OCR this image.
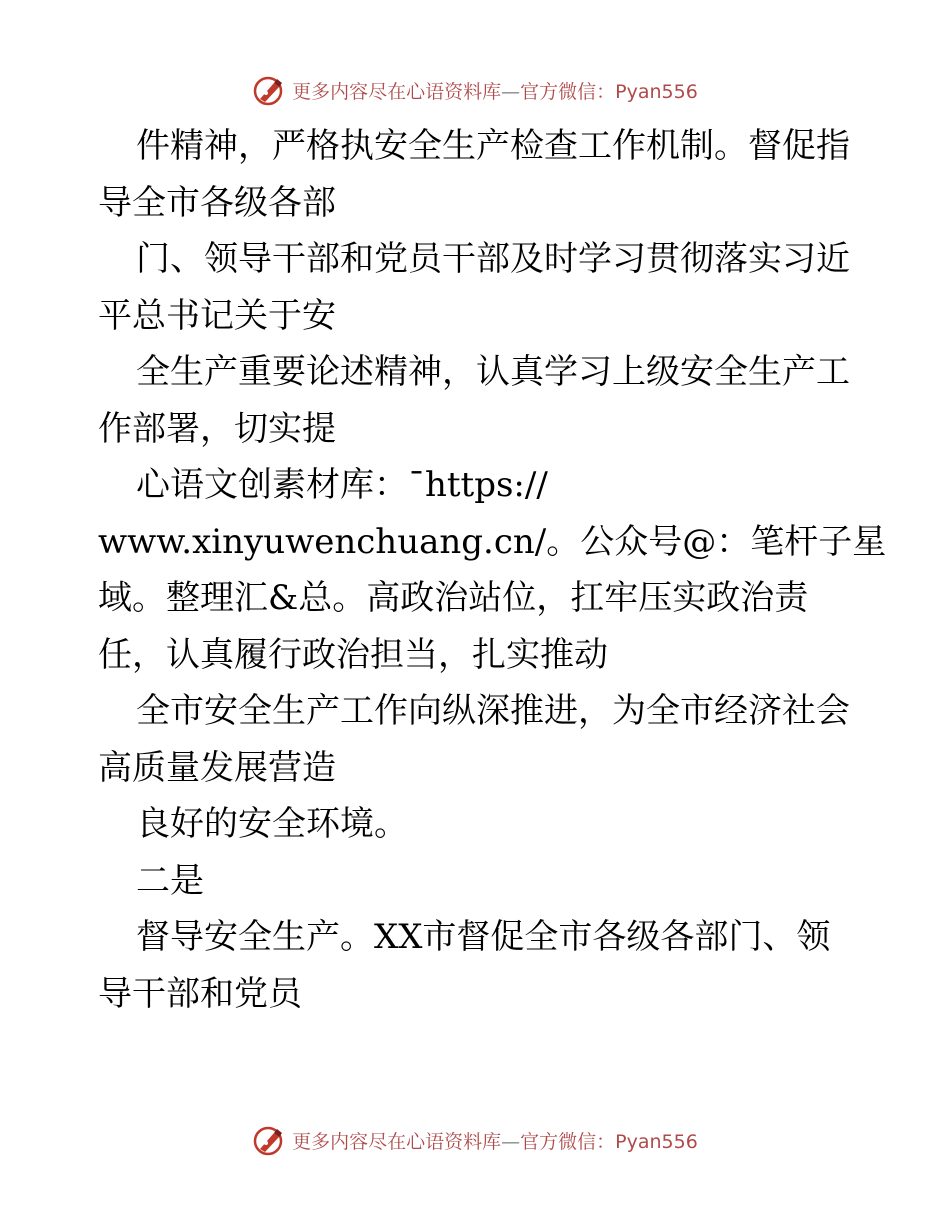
更多内容尽在心语资料库—官方微信：Pyan556
件精神，严格执安全生产检查工作机制。督促指
导全市各级各部
门、领导干部和党员干部及时学习贯彻落实习近
平总书记关于安
全生产重要论述精神，认真学习上级安全生产工
作部署，切实提
心语文创素材库：¯https://
www.xinyuwenchuang.cn/。公众号@：笔杆子星
域。整理汇&总。高政治站位，扛牢压实政治责
任，认真履行政治担当，扎实推动
全市安全生产工作向纵深推进，为全市经济社会
高质量发展营造
良好的安全环境。
二是
督导安全生产。XX市督促全市各级各部门、领
导干部和党员
更多内容尽在心语资料库—官方微信：Pyan556
